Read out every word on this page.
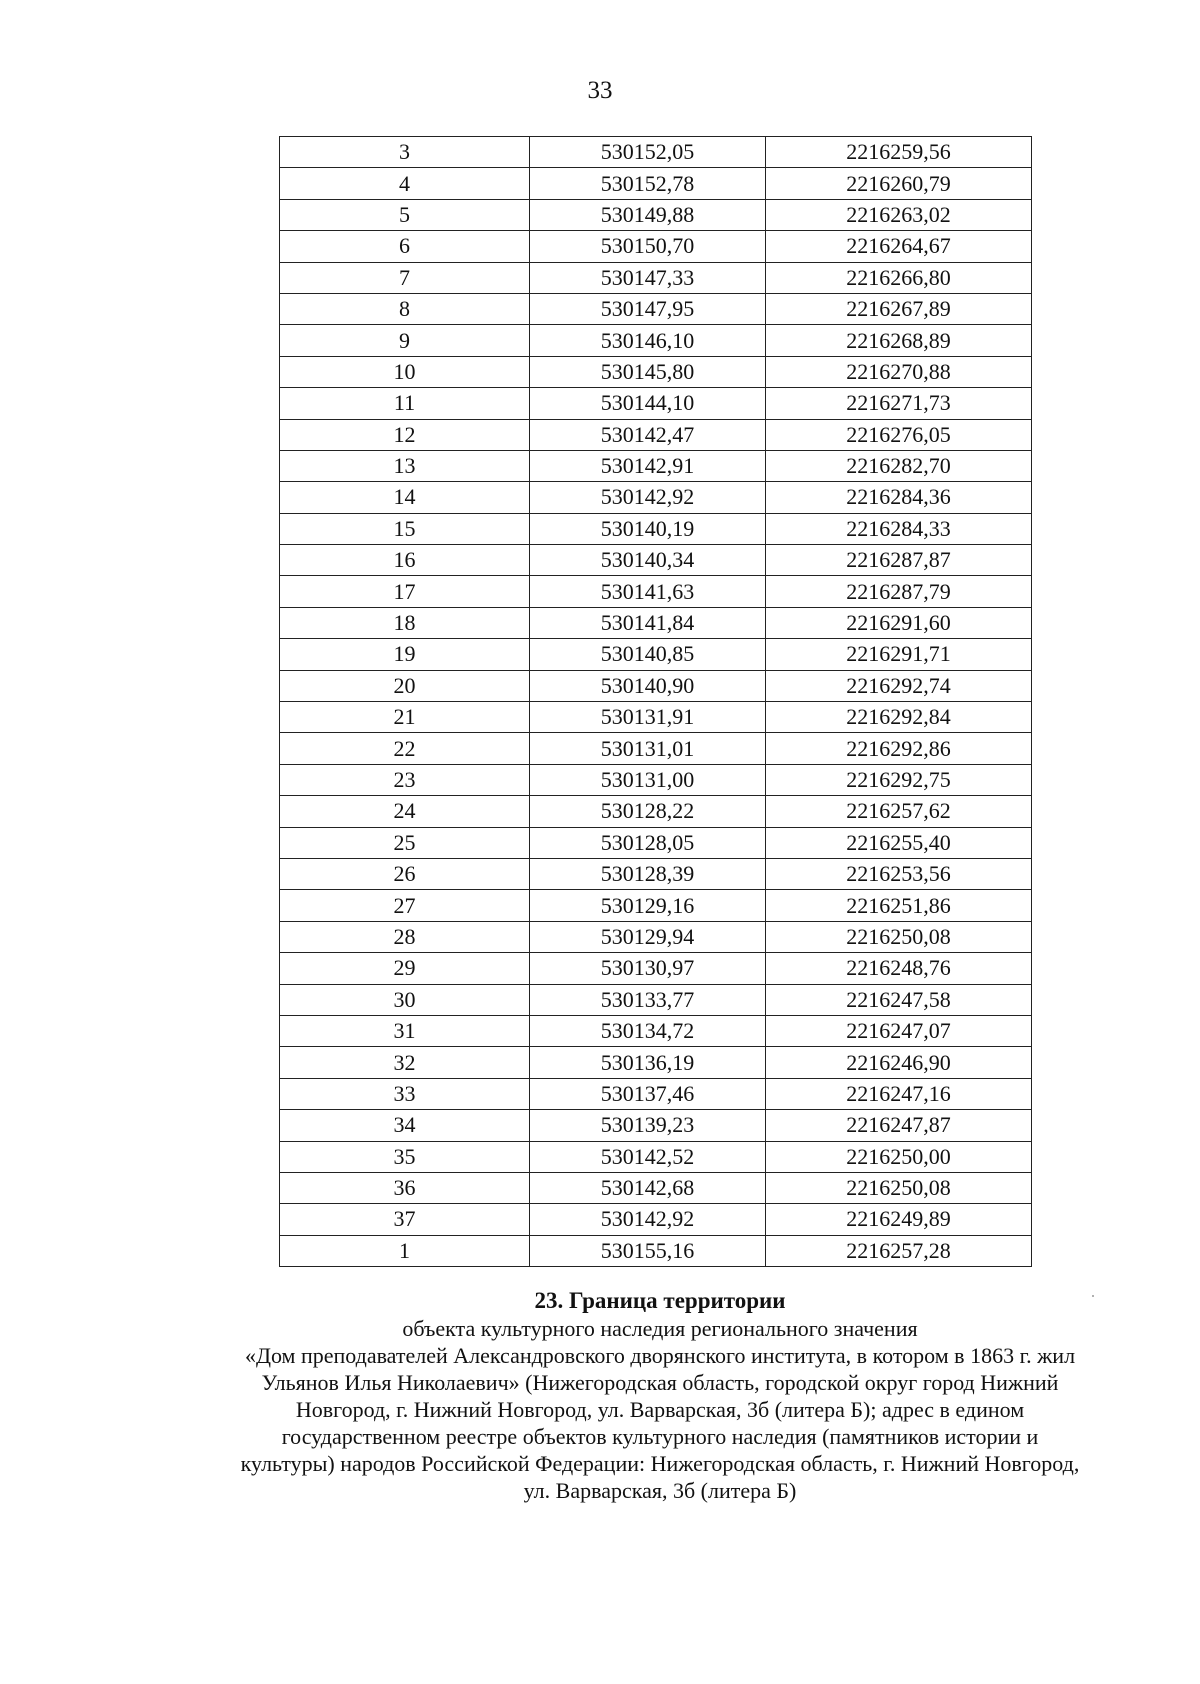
33
3	530152,05	2216259,56
4	530152,78	2216260,79
5	530149,88	2216263,02
6	530150,70	2216264,67
7	530147,33	2216266,80
8	530147,95	2216267,89
9	530146,10	2216268,89
10	530145,80	2216270,88
11	530144,10	2216271,73
12	530142,47	2216276,05
13	530142,91	2216282,70
14	530142,92	2216284,36
15	530140,19	2216284,33
16	530140,34	2216287,87
17	530141,63	2216287,79
18	530141,84	2216291,60
19	530140,85	2216291,71
20	530140,90	2216292,74
21	530131,91	2216292,84
22	530131,01	2216292,86
23	530131,00	2216292,75
24	530128,22	2216257,62
25	530128,05	2216255,40
26	530128,39	2216253,56
27	530129,16	2216251,86
28	530129,94	2216250,08
29	530130,97	2216248,76
30	530133,77	2216247,58
31	530134,72	2216247,07
32	530136,19	2216246,90
33	530137,46	2216247,16
34	530139,23	2216247,87
35	530142,52	2216250,00
36	530142,68	2216250,08
37	530142,92	2216249,89
1	530155,16	2216257,28
23. Граница территории
объекта культурного наследия регионального значения
«Дом преподавателей Александровского дворянского института, в котором в 1863 г. жил
Ульянов Илья Николаевич» (Нижегородская область, городской округ город Нижний
Новгород, г. Нижний Новгород, ул. Варварская, 3б (литера Б); адрес в едином
государственном реестре объектов культурного наследия (памятников истории и
культуры) народов Российской Федерации: Нижегородская область, г. Нижний Новгород,
ул. Варварская, 3б (литера Б)
